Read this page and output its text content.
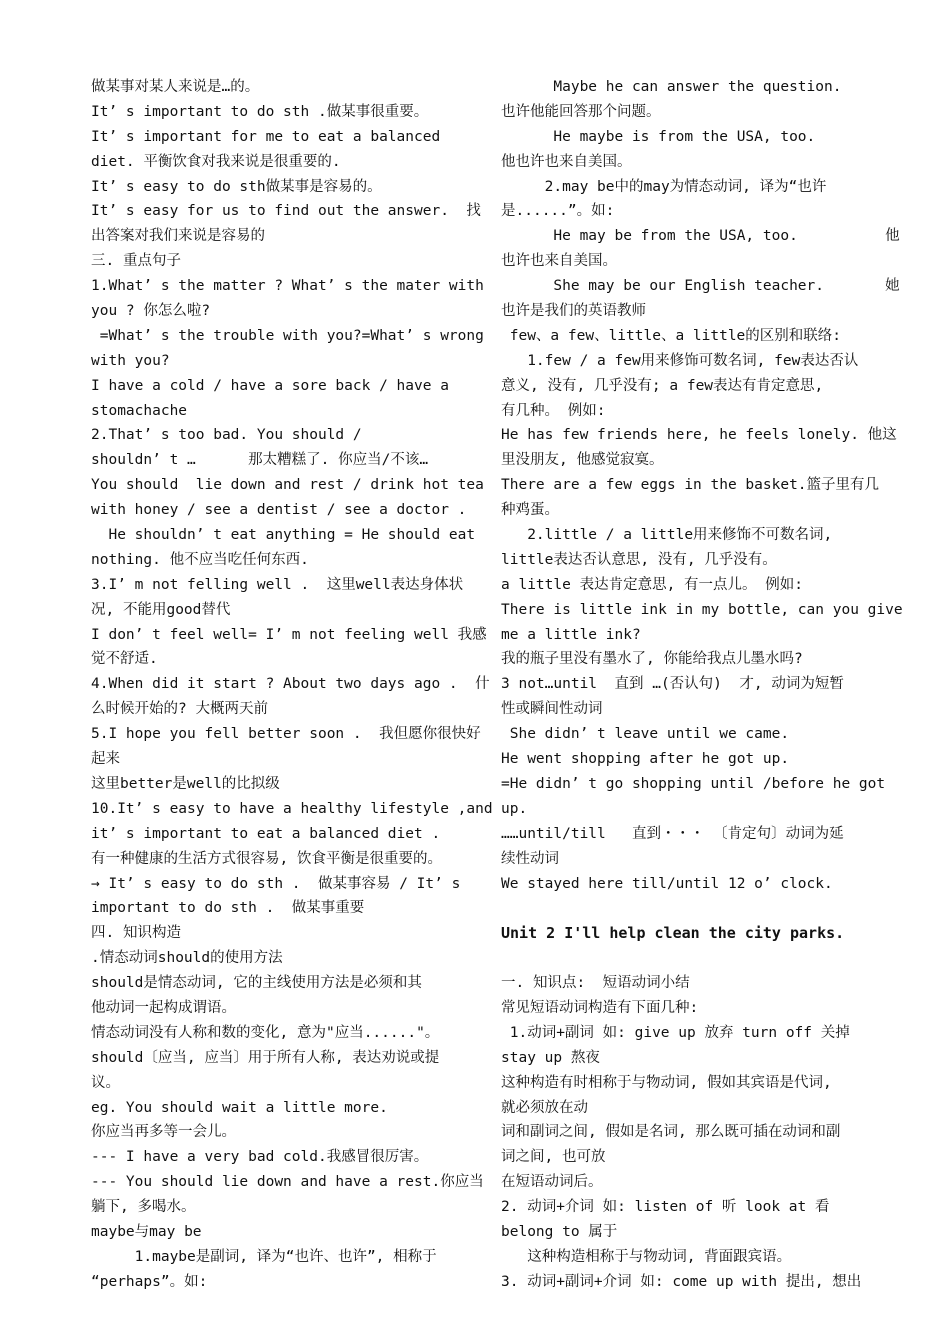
做某事对某人来说是…的。
It’ s important to do sth .做某事很重要。
It’ s important for me to eat a balanced
diet. 平衡饮食对我来说是很重要的.
It’ s easy to do sth做某事是容易的。
It’ s easy for us to find out the answer.  找
出答案对我们来说是容易的
三. 重点句子
1.What’ s the matter ? What’ s the mater with
you ? 你怎么啦?
=What’ s the trouble with you?=What’ s wrong
with you?
I have a cold / have a sore back / have a
stomachache
2.That’ s too bad. You should /
shouldn’ t …      那太糟糕了. 你应当/不该…
You should  lie down and rest / drink hot tea
with honey / see a dentist / see a doctor .
He shouldn’ t eat anything = He should eat
nothing. 他不应当吃任何东西.
3.I’ m not felling well .  这里well表达身体状
况, 不能用good替代
I don’ t feel well= I’ m not feeling well 我感
觉不舒适.
4.When did it start ? About two days ago .  什
么时候开始的? 大概两天前
5.I hope you fell better soon .  我但愿你很快好
起来
这里better是well的比拟级
10.It’ s easy to have a healthy lifestyle ,and
it’ s important to eat a balanced diet .
有一种健康的生活方式很容易, 饮食平衡是很重要的。
→ It’ s easy to do sth .  做某事容易 / It’ s
important to do sth .  做某事重要
四. 知识构造
.情态动词should的使用方法
should是情态动词, 它的主线使用方法是必须和其
他动词一起构成谓语。
情态动词没有人称和数的变化, 意为"应当......"。
should〔应当, 应当〕用于所有人称, 表达劝说或提
议。
eg. You should wait a little more.
你应当再多等一会儿。
--- I have a very bad cold.我感冒很厉害。
--- You should lie down and have a rest.你应当
躺下, 多喝水。
maybe与may be
1.maybe是副词, 译为“也许、也许”, 相称于
“perhaps”。如:
Maybe he can answer the question.
也许他能回答那个问题。
He maybe is from the USA, too.
他也许也来自美国。
2.may be中的may为情态动词, 译为“也许
是......”。如:
He may be from the USA, too.          他
也许也来自美国。
She may be our English teacher.       她
也许是我们的英语教师
few、a few、little、a little的区别和联络:
1.few / a few用来修饰可数名词, few表达否认
意义, 没有, 几乎没有; a few表达有肯定意思,
有几种。 例如:
He has few friends here, he feels lonely. 他这
里没朋友, 他感觉寂寞。
There are a few eggs in the basket.篮子里有几
种鸡蛋。
2.little / a little用来修饰不可数名词,
little表达否认意思, 没有, 几乎没有。
a little 表达肯定意思, 有一点儿。 例如:
There is little ink in my bottle, can you give
me a little ink?
我的瓶子里没有墨水了, 你能给我点儿墨水吗?
3 not…until  直到 …(否认句)  才, 动词为短暂
性或瞬间性动词
She didn’ t leave until we came.
He went shopping after he got up.
=He didn’ t go shopping until /before he got
up.
……until/till   直到・・・ 〔肯定句〕动词为延
续性动词
We stayed here till/until 12 o’ clock.
Unit 2 I'll help clean the city parks.
一. 知识点:  短语动词小结
常见短语动词构造有下面几种:
1.动词+副词 如: give up 放弃 turn off 关掉
stay up 熬夜
这种构造有时相称于与物动词, 假如其宾语是代词,
就必须放在动
词和副词之间, 假如是名词, 那么既可插在动词和副
词之间, 也可放
在短语动词后。
2. 动词+介词 如: listen of 听 look at 看
belong to 属于
这种构造相称于与物动词, 背面跟宾语。
3. 动词+副词+介词 如: come up with 提出, 想出
